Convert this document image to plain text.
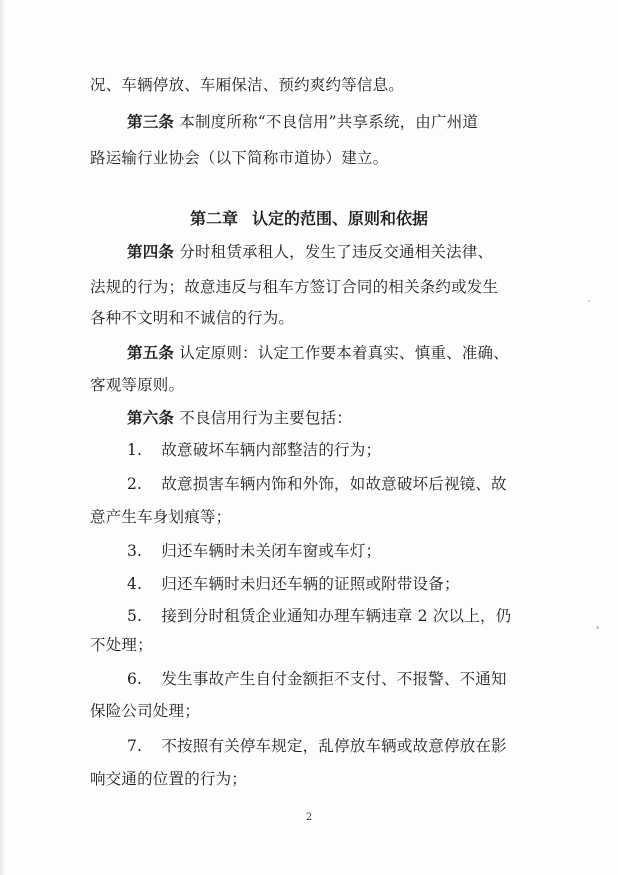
况、车辆停放、车厢保洁、预约爽约等信息。
第三条 本制度所称“不良信用”共享系统，由广州道
路运输行业协会（以下简称市道协）建立。
第二章 认定的范围、原则和依据
第四条 分时租赁承租人，发生了违反交通相关法律、
法规的行为；故意违反与租车方签订合同的相关条约或发生
各种不文明和不诚信的行为。
第五条 认定原则：认定工作要本着真实、慎重、准确、
客观等原则。
第六条 不良信用行为主要包括：
1. 故意破坏车辆内部整洁的行为；
2. 故意损害车辆内饰和外饰，如故意破坏后视镜、故
意产生车身划痕等；
3. 归还车辆时未关闭车窗或车灯；
4. 归还车辆时未归还车辆的证照或附带设备；
5. 接到分时租赁企业通知办理车辆违章 2 次以上，仍
不处理；
6. 发生事故产生自付金额拒不支付、不报警、不通知
保险公司处理；
7. 不按照有关停车规定，乱停放车辆或故意停放在影
响交通的位置的行为；
2
